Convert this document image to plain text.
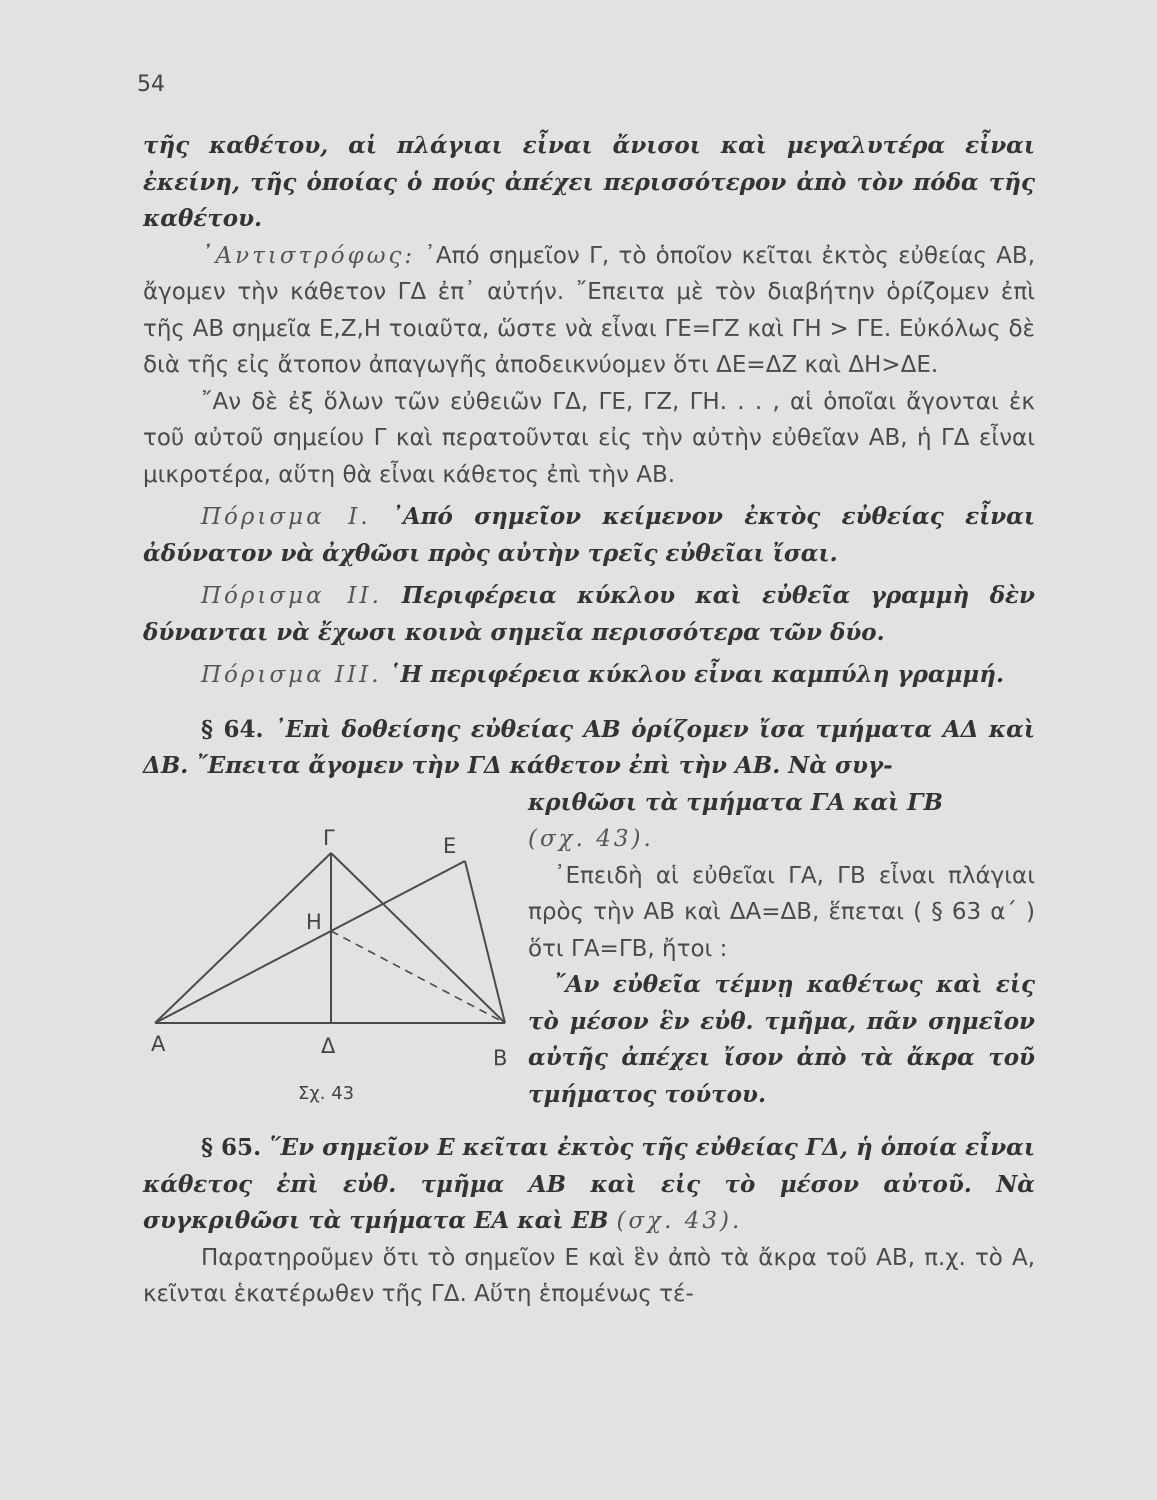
54

τῆς καθέτου, αἱ πλάγιαι εἶναι ἄνισοι καὶ μεγαλυτέρα εἶναι ἐκείνη, τῆς ὁποίας ὁ πούς ἀπέχει περισσότερον ἀπὸ τὸν πόδα τῆς καθέτου.

᾿Αντιστρόφως: ᾿Από σημεῖον Γ, τὸ ὁποῖον κεῖται ἐκτὸς εὐθείας ΑΒ, ἄγομεν τὴν κάθετον ΓΔ ἐπ᾿ αὐτήν. ῎Επειτα μὲ τὸν διαβήτην ὁρίζομεν ἐπὶ τῆς ΑΒ σημεῖα Ε,Ζ,Η τοιαῦτα, ὥστε νὰ εἶναι ΓΕ=ΓΖ καὶ ΓΗ > ΓΕ. Εὐκόλως δὲ διὰ τῆς εἰς ἄτοπον ἀπαγωγῆς ἀποδεικνύομεν ὅτι ΔΕ=ΔΖ καὶ ΔΗ>ΔΕ.

῎Αν δὲ ἐξ ὅλων τῶν εὐθειῶν ΓΔ, ΓΕ, ΓΖ, ΓΗ. . . , αἱ ὁποῖαι ἄγονται ἐκ τοῦ αὐτοῦ σημείου Γ καὶ περατοῦνται εἰς τὴν αὐτὴν εὐθεῖαν ΑΒ, ἡ ΓΔ εἶναι μικροτέρα, αὕτη θὰ εἶναι κάθετος ἐπὶ τὴν ΑΒ.

Πόρισμα Ι. ᾿Από σημεῖον κείμενον ἐκτὸς εὐθείας εἶναι ἀδύνατον νὰ ἀχθῶσι πρὸς αὐτὴν τρεῖς εὐθεῖαι ἴσαι.

Πόρισμα ΙΙ. Περιφέρεια κύκλου καὶ εὐθεῖα γραμμὴ δὲν δύνανται νὰ ἔχωσι κοινὰ σημεῖα περισσότερα τῶν δύο.

Πόρισμα ΙΙΙ. ῾Η περιφέρεια κύκλου εἶναι καμπύλη γραμμή.

§ 64. ᾿Επὶ δοθείσης εὐθείας ΑΒ ὁρίζομεν ἴσα τμήματα ΑΔ καὶ ΔΒ. ῎Επειτα ἄγομεν τὴν ΓΔ κάθετον ἐπὶ τὴν ΑΒ. Νὰ συγ-

Γ	Ε
Η
Α	Δ	Β
Σχ. 43

κριθῶσι τὰ τμήματα ΓΑ καὶ ΓΒ

(σχ. 43).

᾿Επειδὴ αἱ εὐθεῖαι ΓΑ, ΓΒ εἶναι πλάγιαι πρὸς τὴν ΑΒ καὶ ΔΑ=ΔΒ, ἕπεται ( § 63 α΄ ) ὅτι ΓΑ=ΓΒ, ἤτοι :

῎Αν εὐθεῖα τέμνῃ καθέτως καὶ εἰς τὸ μέσον ἓν εὐθ. τμῆμα, πᾶν σημεῖον αὐτῆς ἀπέχει ἴσον ἀπὸ τὰ ἄκρα τοῦ τμήματος τούτου.

§ 65. ῞Εν σημεῖον Ε κεῖται ἐκτὸς τῆς εὐθείας ΓΔ, ἡ ὁποία εἶναι κάθετος ἐπὶ εὐθ. τμῆμα ΑΒ καὶ εἰς τὸ μέσον αὐτοῦ. Νὰ συγκριθῶσι τὰ τμήματα ΕΑ καὶ ΕΒ (σχ. 43).

Παρατηροῦμεν ὅτι τὸ σημεῖον Ε καὶ ἓν ἀπὸ τὰ ἄκρα τοῦ ΑΒ, π.χ. τὸ Α, κεῖνται ἑκατέρωθεν τῆς ΓΔ. Αὕτη ἑπομένως τέ-
